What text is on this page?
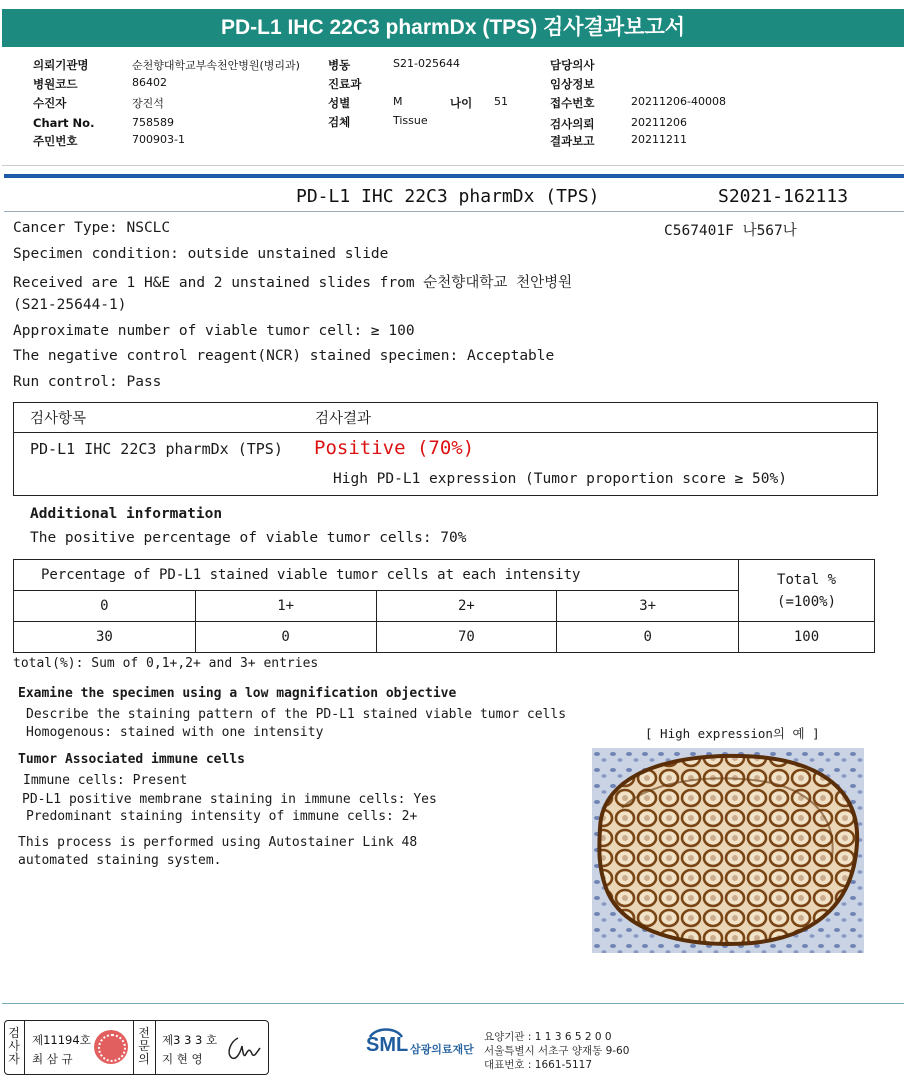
PD-L1 IHC 22C3 pharmDx (TPS) 검사결과보고서
의뢰기관명	순천향대학교부속천안병원(병리과)
병원코드	86402
수진자	장진석
Chart No.	758589
주민번호	700903-1
병동	S21-025644
진료과
성별	M	나이 51
검체	Tissue
담당의사
임상정보
접수번호	20211206-40008
검사의뢰	20211206
결과보고	20211211
PD-L1 IHC 22C3 pharmDx (TPS)	S2021-162113
Cancer Type: NSCLC	C567401F 나567나
Specimen condition: outside unstained slide
Received are 1 H&E and 2 unstained slides from 순천향대학교 천안병원
(S21-25644-1)
Approximate number of viable tumor cell: ≥ 100
The negative control reagent(NCR) stained specimen: Acceptable
Run control: Pass
검사항목	검사결과
PD-L1 IHC 22C3 pharmDx (TPS) Positive (70%)
High PD-L1 expression (Tumor proportion score ≥ 50%)
Additional information
The positive percentage of viable tumor cells: 70%
Percentage of PD-L1 stained viable tumor cells at each intensity				Total %
(=100%)

0	1+	2+	3+	
30	0	70	0	100
total(%): Sum of 0,1+,2+ and 3+ entries
Examine the specimen using a low magnification objective
Describe the staining pattern of the PD-L1 stained viable tumor cells
Homogenous: stained with one intensity
Tumor Associated immune cells
Immune cells: Present
PD-L1 positive membrane staining in immune cells: Yes
Predominant staining intensity of immune cells: 2+
This process is performed using Autostainer Link 48
automated staining system.
[ High expression의 예 ]
검사자
제11194호
최 삼 규
전문의
제3 3 3 호
지 현 영
SML 삼광의료재단
요양기관 : 1 1 3 6 5 2 0 0
서울특별시 서초구 양재동 9-60
대표번호 : 1661-5117
